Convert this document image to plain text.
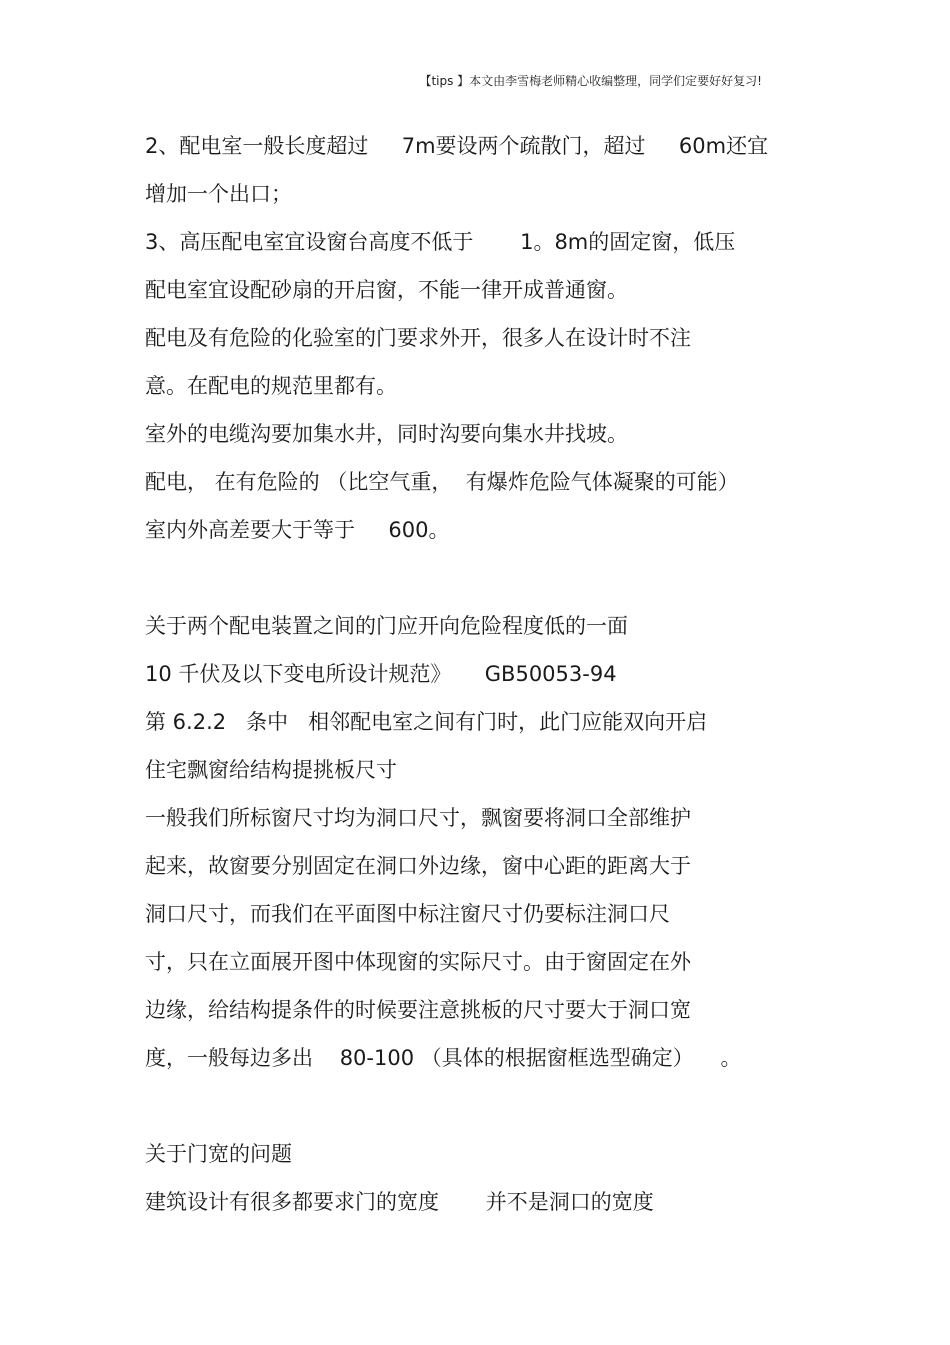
【tips 】本文由李雪梅老师精心收编整理，同学们定要好好复习!
2、配电室一般长度超过     7m要设两个疏散门，超过     60m还宜
增加一个出口；
3、高压配电室宜设窗台高度不低于       1。8m的固定窗，低压
配电室宜设配砂扇的开启窗，不能一律开成普通窗。
配电及有危险的化验室的门要求外开，很多人在设计时不注
意。在配电的规范里都有。
室外的电缆沟要加集水井，同时沟要向集水井找坡。
配电， 在有危险的 （比空气重，  有爆炸危险气体凝聚的可能）
室内外高差要大于等于     600。
关于两个配电装置之间的门应开向危险程度低的一面
10 千伏及以下变电所设计规范》     GB50053-94
第 6.2.2   条中   相邻配电室之间有门时，此门应能双向开启
住宅飘窗给结构提挑板尺寸
一般我们所标窗尺寸均为洞口尺寸，飘窗要将洞口全部维护
起来，故窗要分别固定在洞口外边缘，窗中心距的距离大于
洞口尺寸，而我们在平面图中标注窗尺寸仍要标注洞口尺
寸，只在立面展开图中体现窗的实际尺寸。由于窗固定在外
边缘，给结构提条件的时候要注意挑板的尺寸要大于洞口宽
度，一般每边多出    80-100 （具体的根据窗框选型确定）    。
关于门宽的问题
建筑设计有很多都要求门的宽度       并不是洞口的宽度
